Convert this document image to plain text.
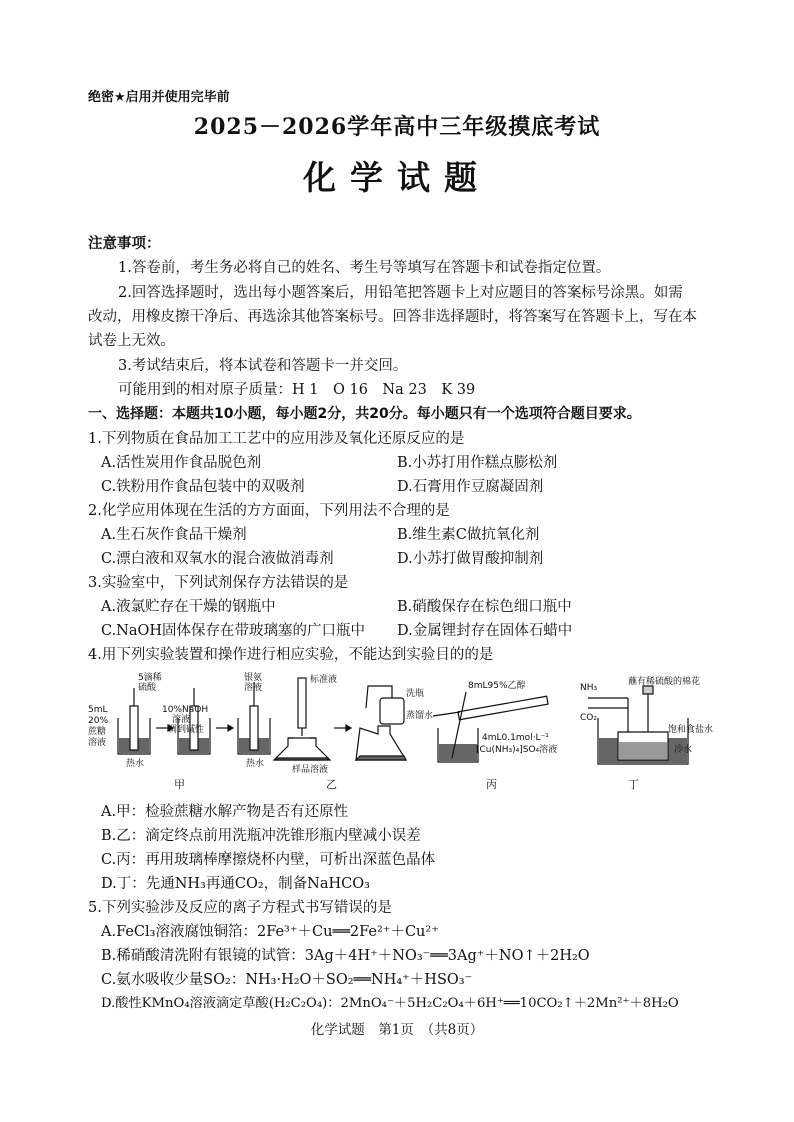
绝密★启用并使用完毕前
2025－2026学年高中三年级摸底考试
化学试题
注意事项：
1.答卷前，考生务必将自己的姓名、考生号等填写在答题卡和试卷指定位置。
2.回答选择题时，选出每小题答案后，用铅笔把答题卡上对应题目的答案标号涂黑。如需
改动，用橡皮擦干净后、再选涂其他答案标号。回答非选择题时，将答案写在答题卡上，写在本
试卷上无效。
3.考试结束后，将本试卷和答题卡一并交回。
可能用到的相对原子质量：H 1　O 16　Na 23　K 39
一、选择题：本题共10小题，每小题2分，共20分。每小题只有一个选项符合题目要求。
1.下列物质在食品加工工艺中的应用涉及氧化还原反应的是
A.活性炭用作食品脱色剂	B.小苏打用作糕点膨松剂
C.铁粉用作食品包装中的双吸剂	D.石膏用作豆腐凝固剂
2.化学应用体现在生活的方方面面，下列用法不合理的是
A.生石灰作食品干燥剂	B.维生素C做抗氧化剂
C.漂白液和双氧水的混合液做消毒剂	D.小苏打做胃酸抑制剂
3.实验室中，下列试剂保存方法错误的是
A.液氯贮存在干燥的钢瓶中	B.硝酸保存在棕色细口瓶中
C.NaOH固体保存在带玻璃塞的广口瓶中 D.金属锂封存在固体石蜡中
4.用下列实验装置和操作进行相应实验，不能达到实验目的的是
5滴稀
硫酸
银氨
溶液
5mL
20%
蔗糖
溶液
10%NaOH
溶液
调到碱性
热水	热水
标准液
洗瓶
蒸馏水
样品溶液
8mL95%乙醇
4mL0.1mol·L⁻¹
[Cu(NH₃)₄]SO₄溶液
NH₃
CO₂
蘸有稀硫酸的棉花
饱和食盐水
冷水
甲	乙	丙	丁
A.甲：检验蔗糖水解产物是否有还原性
B.乙：滴定终点前用洗瓶冲洗锥形瓶内壁减小误差
C.丙：再用玻璃棒摩擦烧杯内壁，可析出深蓝色晶体
D.丁：先通NH₃再通CO₂，制备NaHCO₃
5.下列实验涉及反应的离子方程式书写错误的是
A.FeCl₃溶液腐蚀铜箔：2Fe³⁺＋Cu══2Fe²⁺＋Cu²⁺
B.稀硝酸清洗附有银镜的试管：3Ag＋4H⁺＋NO₃⁻══3Ag⁺＋NO↑＋2H₂O
C.氨水吸收少量SO₂：NH₃·H₂O＋SO₂══NH₄⁺＋HSO₃⁻
D.酸性KMnO₄溶液滴定草酸(H₂C₂O₄)：2MnO₄⁻＋5H₂C₂O₄＋6H⁺══10CO₂↑＋2Mn²⁺＋8H₂O
化学试题　第1页　（共8页）
